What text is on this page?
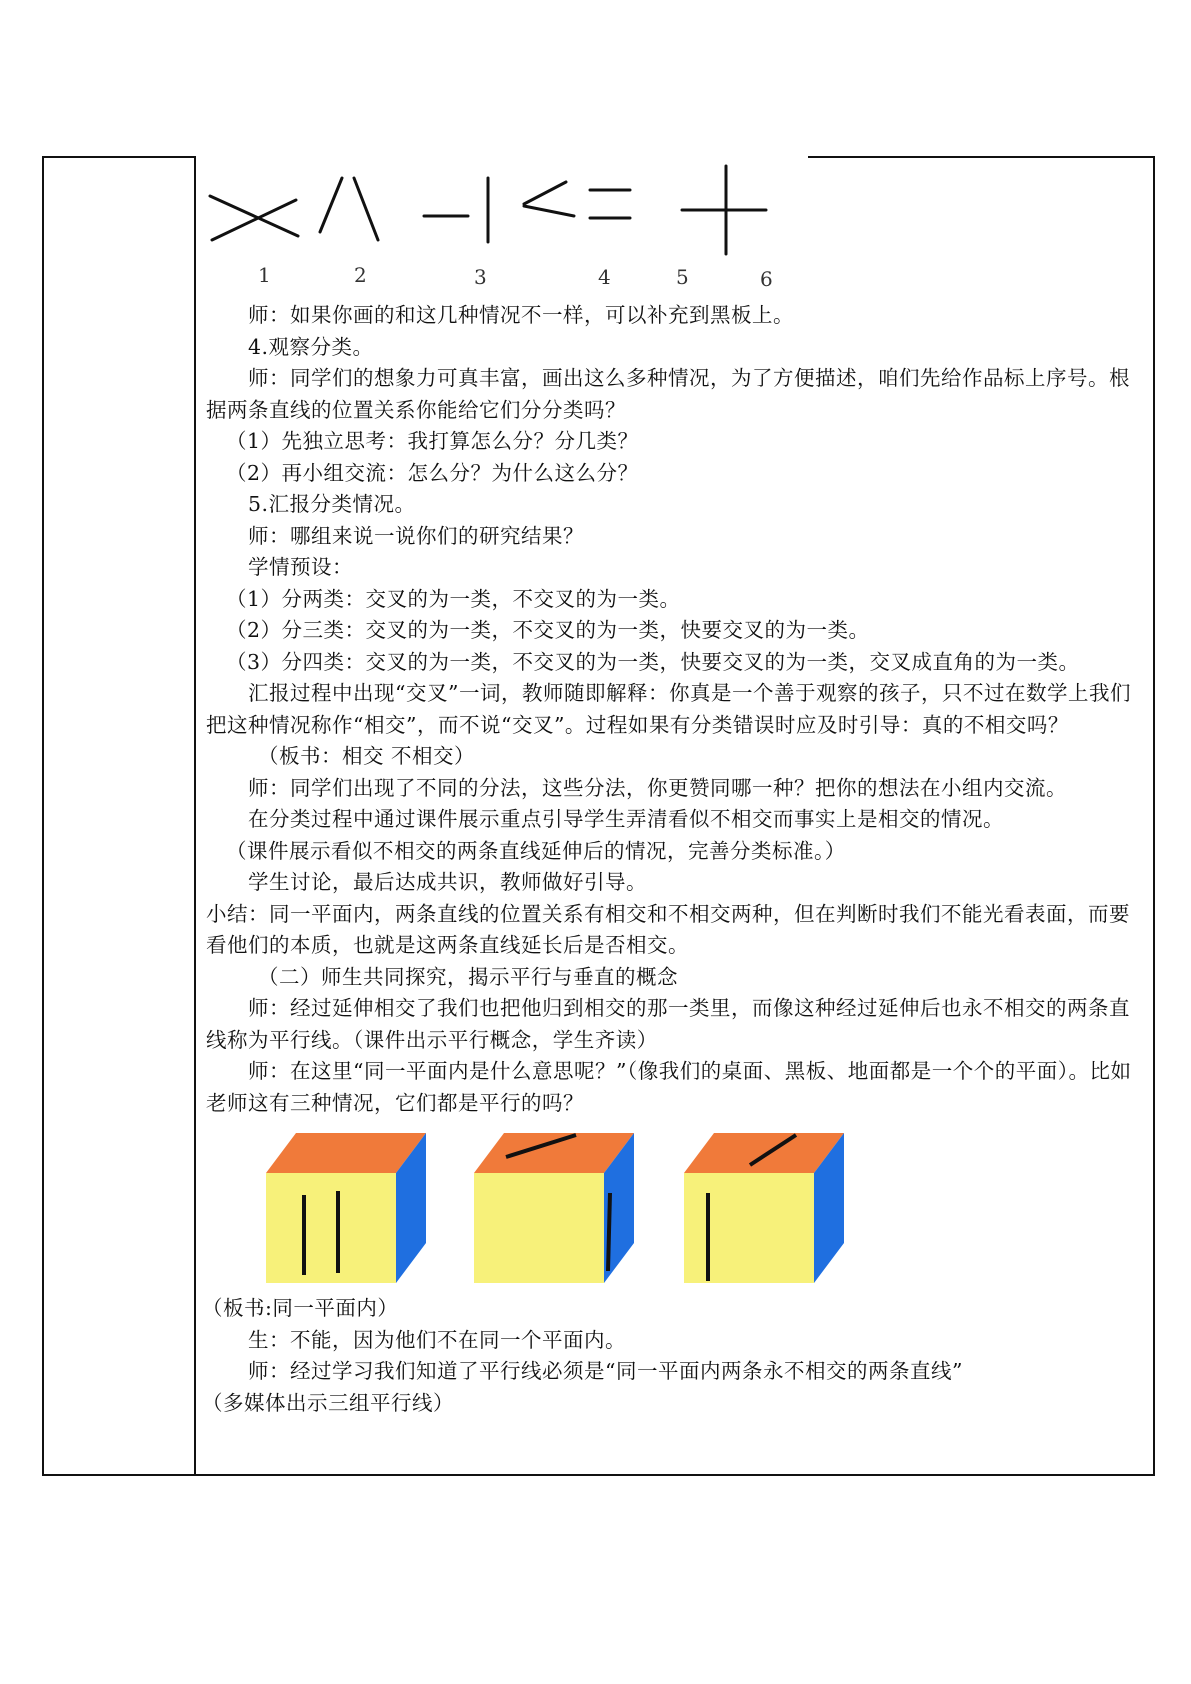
1	2	3	4	5	6

师：如果你画的和这几种情况不一样，可以补充到黑板上。

4.观察分类。

师：同学们的想象力可真丰富，画出这么多种情况，为了方便描述，咱们先给作品标上序号。根据两条直线的位置关系你能给它们分分类吗？

（1）先独立思考：我打算怎么分？分几类？

（2）再小组交流：怎么分？为什么这么分？

5.汇报分类情况。

师：哪组来说一说你们的研究结果？

学情预设：

（1）分两类：交叉的为一类，不交叉的为一类。

（2）分三类：交叉的为一类，不交叉的为一类，快要交叉的为一类。

（3）分四类：交叉的为一类，不交叉的为一类，快要交叉的为一类，交叉成直角的为一类。

汇报过程中出现“交叉”一词，教师随即解释：你真是一个善于观察的孩子，只不过在数学上我们把这种情况称作“相交”，而不说“交叉”。过程如果有分类错误时应及时引导：真的不相交吗？

（板书：相交 不相交）

师：同学们出现了不同的分法，这些分法，你更赞同哪一种？把你的想法在小组内交流。

在分类过程中通过课件展示重点引导学生弄清看似不相交而事实上是相交的情况。

（课件展示看似不相交的两条直线延伸后的情况，完善分类标准。）

学生讨论，最后达成共识，教师做好引导。

小结：同一平面内，两条直线的位置关系有相交和不相交两种，但在判断时我们不能光看表面，而要看他们的本质，也就是这两条直线延长后是否相交。

（二）师生共同探究，揭示平行与垂直的概念

师：经过延伸相交了我们也把他归到相交的那一类里，而像这种经过延伸后也永不相交的两条直线称为平行线。（课件出示平行概念，学生齐读）

师：在这里“同一平面内是什么意思呢？”（像我们的桌面、黑板、地面都是一个个的平面）。比如老师这有三种情况，它们都是平行的吗？

（板书:同一平面内）

生：不能，因为他们不在同一个平面内。

师：经过学习我们知道了平行线必须是“同一平面内两条永不相交的两条直线”

（多媒体出示三组平行线）
